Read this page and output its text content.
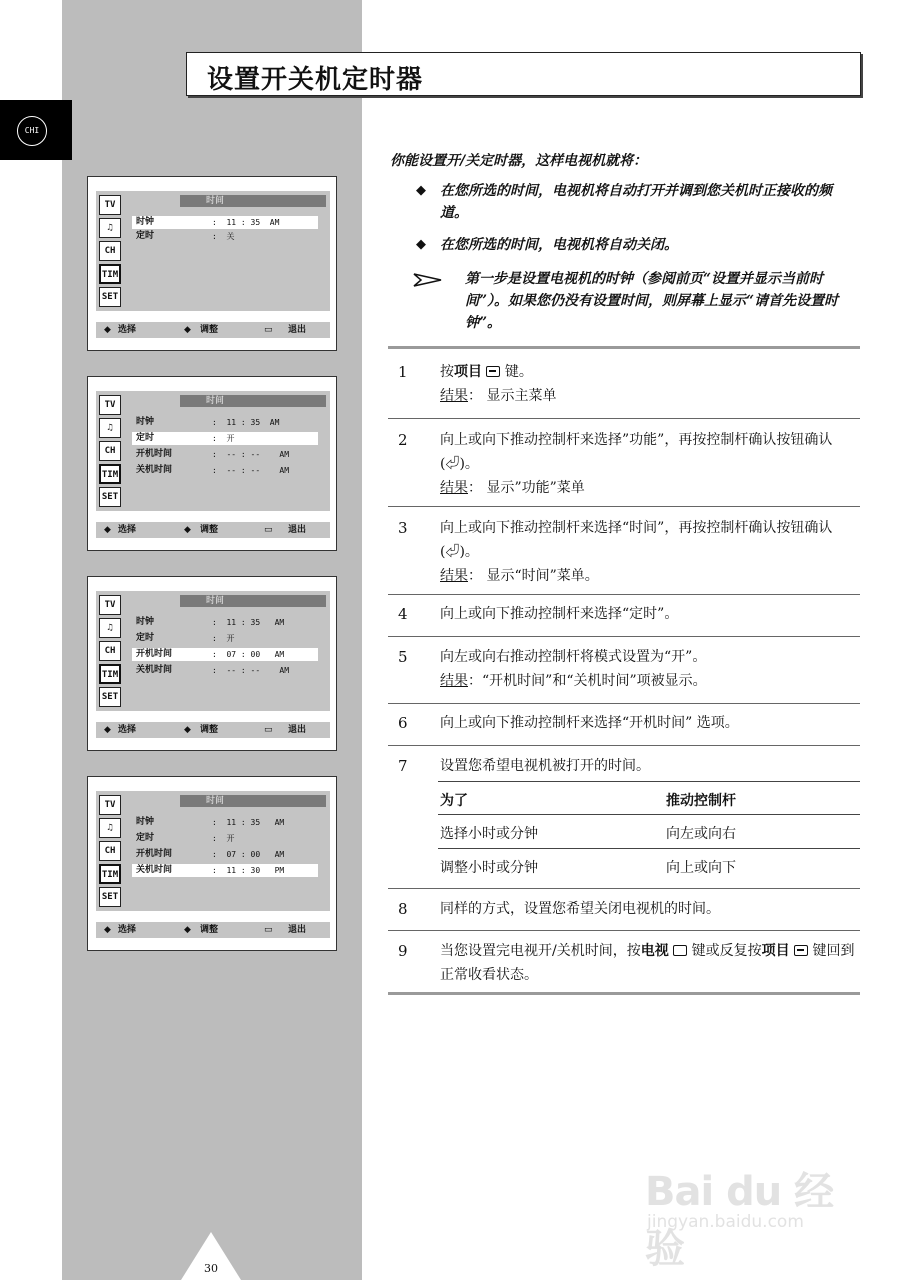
CHI
设置开关机定时器
TV
♫
CH
TIM
SET
时间
时钟	:  11 : 35  AM
定时	:  关
◆ 选择	◆ 调整	▭ 退出
TV
♫
CH
TIM
SET
时间
时钟	:  11 : 35  AM
定时	:  开
开机时间	:  -- : --    AM
关机时间	:  -- : --    AM
◆ 选择	◆ 调整	▭ 退出
TV
♫
CH
TIM
SET
时间
时钟	:  11 : 35   AM
定时	:  开
开机时间	:  07 : 00   AM
关机时间	:  -- : --    AM
◆ 选择	◆ 调整	▭ 退出
TV
♫
CH
TIM
SET
时间
时钟	:  11 : 35   AM
定时	:  开
开机时间	:  07 : 00   AM
关机时间	:  11 : 30   PM
◆ 选择	◆ 调整	▭ 退出
你能设置开/关定时器，这样电视机就将：
◆ 在您所选的时间，电视机将自动打开并调到您关机时正接收的频道。
◆ 在您所选的时间，电视机将自动关闭。
第一步是设置电视机的时钟（参阅前页“设置并显示当前时间”）。如果您仍没有设置时间，则屏幕上显示“请首先设置时钟”。
1 按项目 键。
结果： 显示主菜单
2 向上或向下推动控制杆来选择”功能”，再按控制杆确认按钮确认(⏎)。
结果： 显示”功能”菜单
3 向上或向下推动控制杆来选择“时间”，再按控制杆确认按钮确认(⏎)。
结果： 显示“时间”菜单。
4 向上或向下推动控制杆来选择“定时”。
5 向左或向右推动控制杆将模式设置为“开”。
结果：“开机时间”和“关机时间”项被显示。
6 向上或向下推动控制杆来选择“开机时间” 选项。
7 设置您希望电视机被打开的时间。
为了	推动控制杆
选择小时或分钟	向左或向右
调整小时或分钟	向上或向下
8 同样的方式，设置您希望关闭电视机的时间。
9 当您设置完电视开/关机时间，按电视 键或反复按项目 键回到正常收看状态。
Bai du 经验
jingyan.baidu.com
30
